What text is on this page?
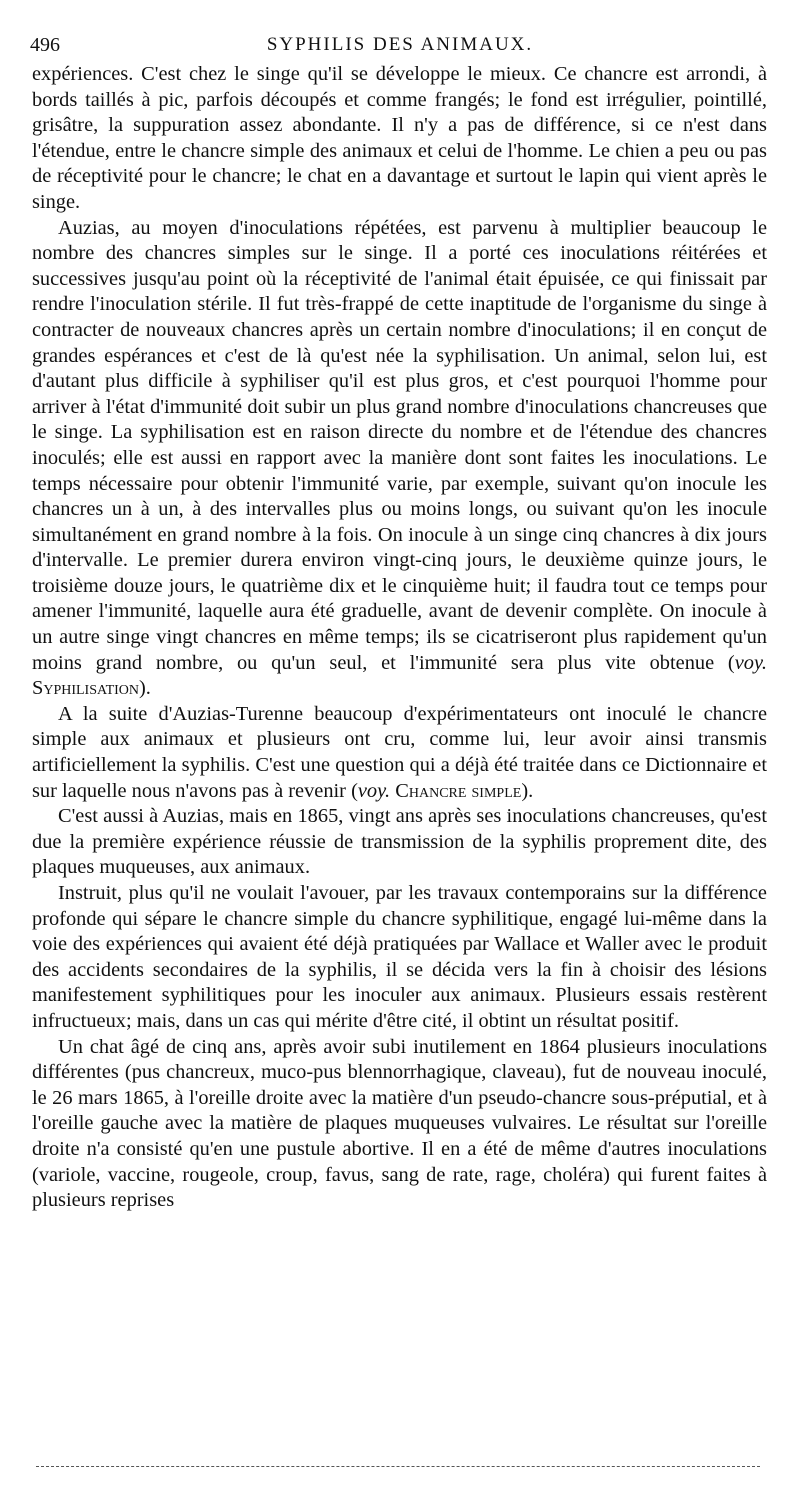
496	SYPHILIS DES ANIMAUX.

expériences. C'est chez le singe qu'il se développe le mieux. Ce chancre est arrondi, à bords taillés à pic, parfois découpés et comme frangés; le fond est irrégulier, pointillé, grisâtre, la suppuration assez abondante. Il n'y a pas de différence, si ce n'est dans l'étendue, entre le chancre simple des animaux et celui de l'homme. Le chien a peu ou pas de réceptivité pour le chancre; le chat en a davantage et surtout le lapin qui vient après le singe.

Auzias, au moyen d'inoculations répétées, est parvenu à multiplier beaucoup le nombre des chancres simples sur le singe. Il a porté ces inoculations réitérées et successives jusqu'au point où la réceptivité de l'animal était épuisée, ce qui finissait par rendre l'inoculation stérile. Il fut très-frappé de cette inaptitude de l'organisme du singe à contracter de nouveaux chancres après un certain nombre d'inoculations; il en conçut de grandes espérances et c'est de là qu'est née la syphilisation. Un animal, selon lui, est d'autant plus difficile à syphiliser qu'il est plus gros, et c'est pourquoi l'homme pour arriver à l'état d'immunité doit subir un plus grand nombre d'inoculations chancreuses que le singe. La syphilisation est en raison directe du nombre et de l'étendue des chancres inoculés; elle est aussi en rapport avec la manière dont sont faites les inoculations. Le temps nécessaire pour obtenir l'immunité varie, par exemple, suivant qu'on inocule les chancres un à un, à des intervalles plus ou moins longs, ou suivant qu'on les inocule simultanément en grand nombre à la fois. On inocule à un singe cinq chancres à dix jours d'intervalle. Le premier durera environ vingt-cinq jours, le deuxième quinze jours, le troisième douze jours, le quatrième dix et le cinquième huit; il faudra tout ce temps pour amener l'immunité, laquelle aura été graduelle, avant de devenir complète. On inocule à un autre singe vingt chancres en même temps; ils se cicatriseront plus rapidement qu'un moins grand nombre, ou qu'un seul, et l'immunité sera plus vite obtenue (voy. Syphilisation).

A la suite d'Auzias-Turenne beaucoup d'expérimentateurs ont inoculé le chancre simple aux animaux et plusieurs ont cru, comme lui, leur avoir ainsi transmis artificiellement la syphilis. C'est une question qui a déjà été traitée dans ce Dictionnaire et sur laquelle nous n'avons pas à revenir (voy. Chancre simple).

C'est aussi à Auzias, mais en 1865, vingt ans après ses inoculations chancreuses, qu'est due la première expérience réussie de transmission de la syphilis proprement dite, des plaques muqueuses, aux animaux.

Instruit, plus qu'il ne voulait l'avouer, par les travaux contemporains sur la différence profonde qui sépare le chancre simple du chancre syphilitique, engagé lui-même dans la voie des expériences qui avaient été déjà pratiquées par Wallace et Waller avec le produit des accidents secondaires de la syphilis, il se décida vers la fin à choisir des lésions manifestement syphilitiques pour les inoculer aux animaux. Plusieurs essais restèrent infructueux; mais, dans un cas qui mérite d'être cité, il obtint un résultat positif.

Un chat âgé de cinq ans, après avoir subi inutilement en 1864 plusieurs inoculations différentes (pus chancreux, muco-pus blennorrhagique, claveau), fut de nouveau inoculé, le 26 mars 1865, à l'oreille droite avec la matière d'un pseudo-chancre sous-préputial, et à l'oreille gauche avec la matière de plaques muqueuses vulvaires. Le résultat sur l'oreille droite n'a consisté qu'en une pustule abortive. Il en a été de même d'autres inoculations (variole, vaccine, rougeole, croup, favus, sang de rate, rage, choléra) qui furent faites à plusieurs reprises
